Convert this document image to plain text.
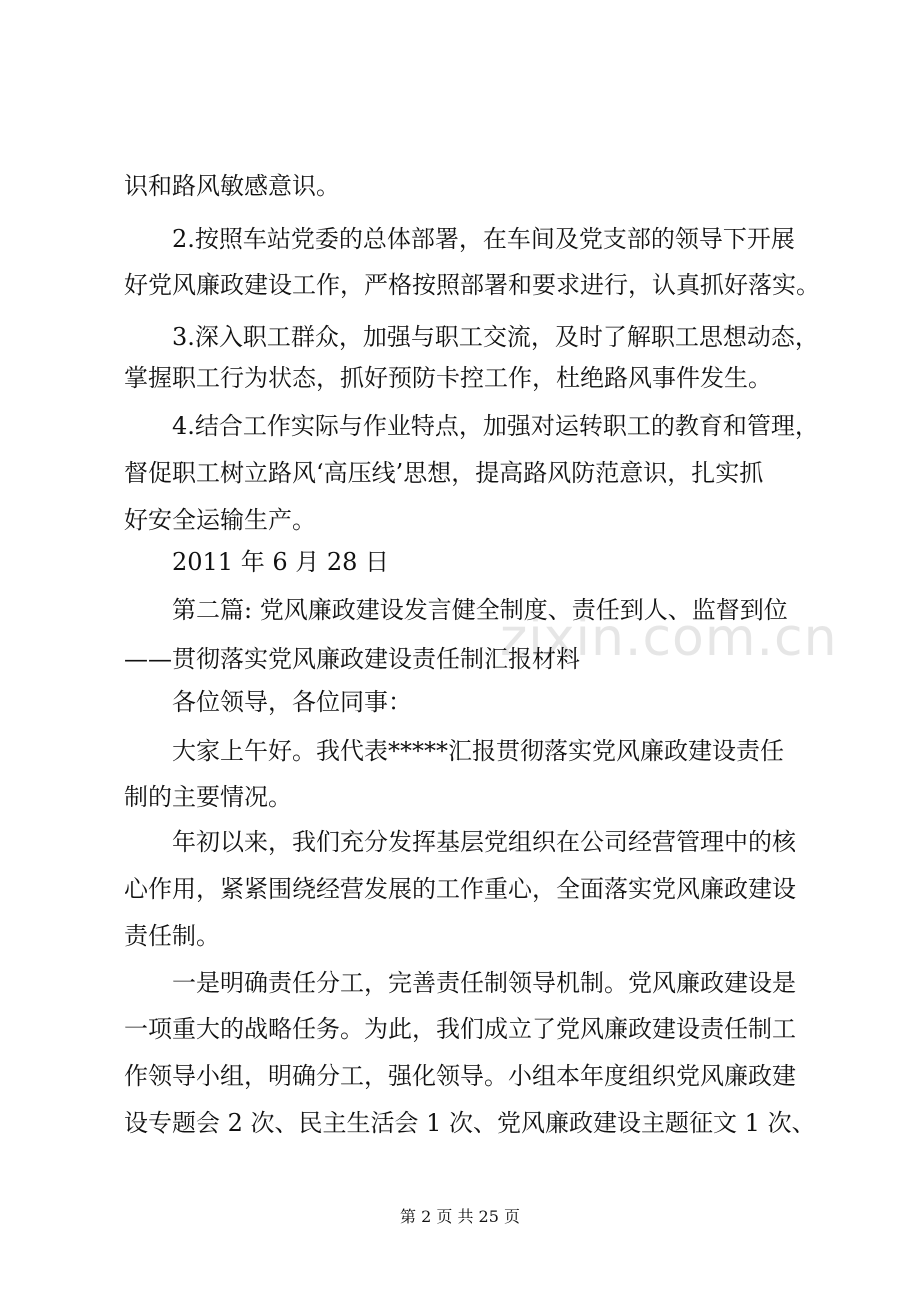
zixin.com.cn
识和路风敏感意识。
2.按照车站党委的总体部署，在车间及党支部的领导下开展
好党风廉政建设工作，严格按照部署和要求进行，认真抓好落实。
3.深入职工群众，加强与职工交流，及时了解职工思想动态，
掌握职工行为状态，抓好预防卡控工作，杜绝路风事件发生。
4.结合工作实际与作业特点，加强对运转职工的教育和管理，
督促职工树立路风‘高压线’思想，提高路风防范意识，扎实抓
好安全运输生产。
2011 年 6 月 28 日
第二篇: 党风廉政建设发言健全制度、责任到人、监督到位
——贯彻落实党风廉政建设责任制汇报材料
各位领导，各位同事：
大家上午好。我代表*****汇报贯彻落实党风廉政建设责任
制的主要情况。
年初以来，我们充分发挥基层党组织在公司经营管理中的核
心作用，紧紧围绕经营发展的工作重心，全面落实党风廉政建设
责任制。
一是明确责任分工，完善责任制领导机制。党风廉政建设是
一项重大的战略任务。为此，我们成立了党风廉政建设责任制工
作领导小组，明确分工，强化领导。小组本年度组织党风廉政建
设专题会 2 次、民主生活会 1 次、党风廉政建设主题征文 1 次、
第 2 页 共 25 页
